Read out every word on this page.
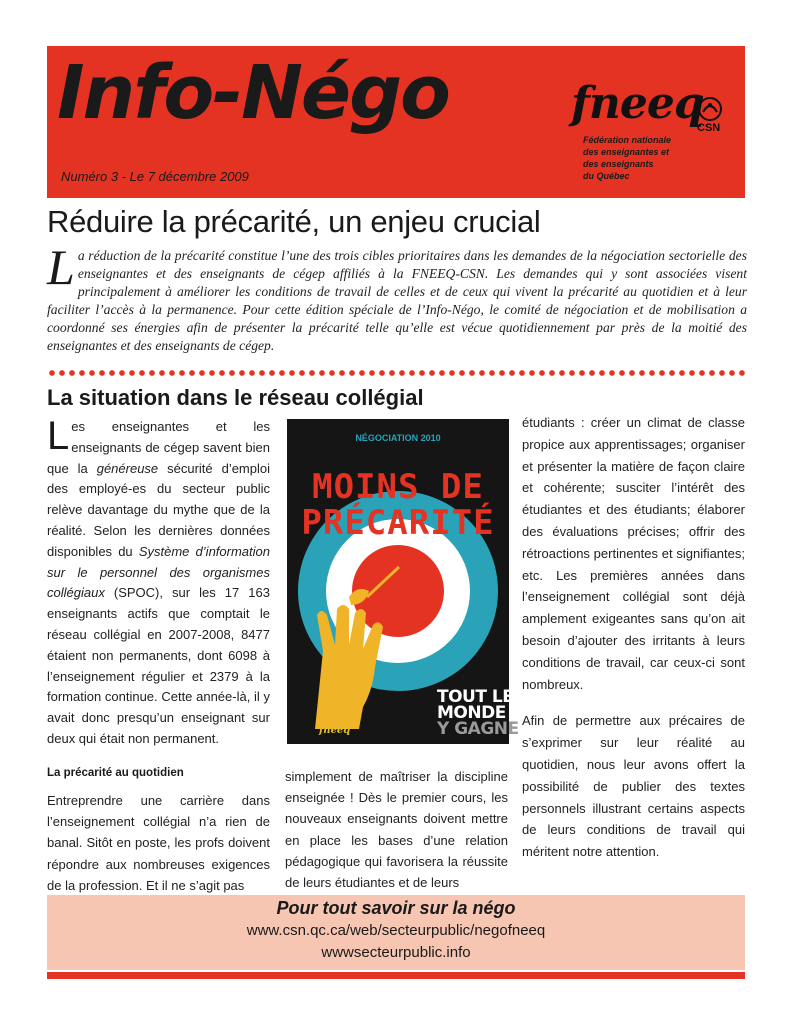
Info-Négo
Numéro 3 - Le 7 décembre 2009
fneeq
CSN
Fédération nationale
des enseignantes et
des enseignants
du Québec
Réduire la précarité, un enjeu crucial
La réduction de la précarité constitue l’une des trois cibles prioritaires dans les demandes de la négociation sectorielle des enseignantes et des enseignants de cégep affiliés à la FNEEQ-CSN. Les demandes qui y sont associées visent principalement à améliorer les conditions de travail de celles et de ceux qui vivent la précarité au quotidien et à leur faciliter l’accès à la permanence. Pour cette édition spéciale de l’Info-Négo, le comité de négociation et de mobilisation a coordonné ses énergies afin de présenter la précarité telle qu’elle est vécue quotidiennement par près de la moitié des enseignantes et des enseignants de cégep.
La situation dans le réseau collégial
Les enseignantes et les enseignants de cégep savent bien que la généreuse sécurité d’emploi des employé-es du secteur public relève davantage du mythe que de la réalité. Selon les dernières données disponibles du Système d’information sur le personnel des organismes collégiaux (SPOC), sur les 17 163 enseignants actifs que comptait le réseau collégial en 2007-2008, 8477 étaient non permanents, dont 6098 à l’enseignement régulier et 2379 à la formation continue. Cette année-là, il y avait donc presqu’un enseignant sur deux qui était non permanent.
La précarité au quotidien
Entreprendre une carrière dans l’enseignement collégial n’a rien de banal. Sitôt en poste, les profs doivent répondre aux nombreuses exigences de la profession. Et il ne s’agit pas
simplement de maîtriser la discipline enseignée ! Dès le premier cours, les nouveaux enseignants doivent mettre en place les bases d’une relation pédagogique qui favorisera la réussite de leurs étudiantes et de leurs

étudiants : créer un climat de classe propice aux apprentissages; organiser et présenter la matière de façon claire et cohérente; susciter l’intérêt des étudiantes et des étudiants; élaborer des évaluations précises; offrir des rétroactions pertinentes et signifiantes; etc. Les premières années dans l’enseignement collégial sont déjà amplement exigeantes sans qu’on ait besoin d’ajouter des irritants à leurs conditions de travail, car ceux-ci sont nombreux.

Afin de permettre aux précaires de s’exprimer sur leur réalité au quotidien, nous leur avons offert la possibilité de publier des textes personnels illustrant certains aspects de leurs conditions de travail qui méritent notre attention.

NÉGOCIATION 2010
MOINS DE
PRÉCARITÉ
TOUT LE
MONDE
Y GAGNE
fneeq
Pour tout savoir sur la négo
www.csn.qc.ca/web/secteurpublic/negofneeq
wwwsecteurpublic.info
